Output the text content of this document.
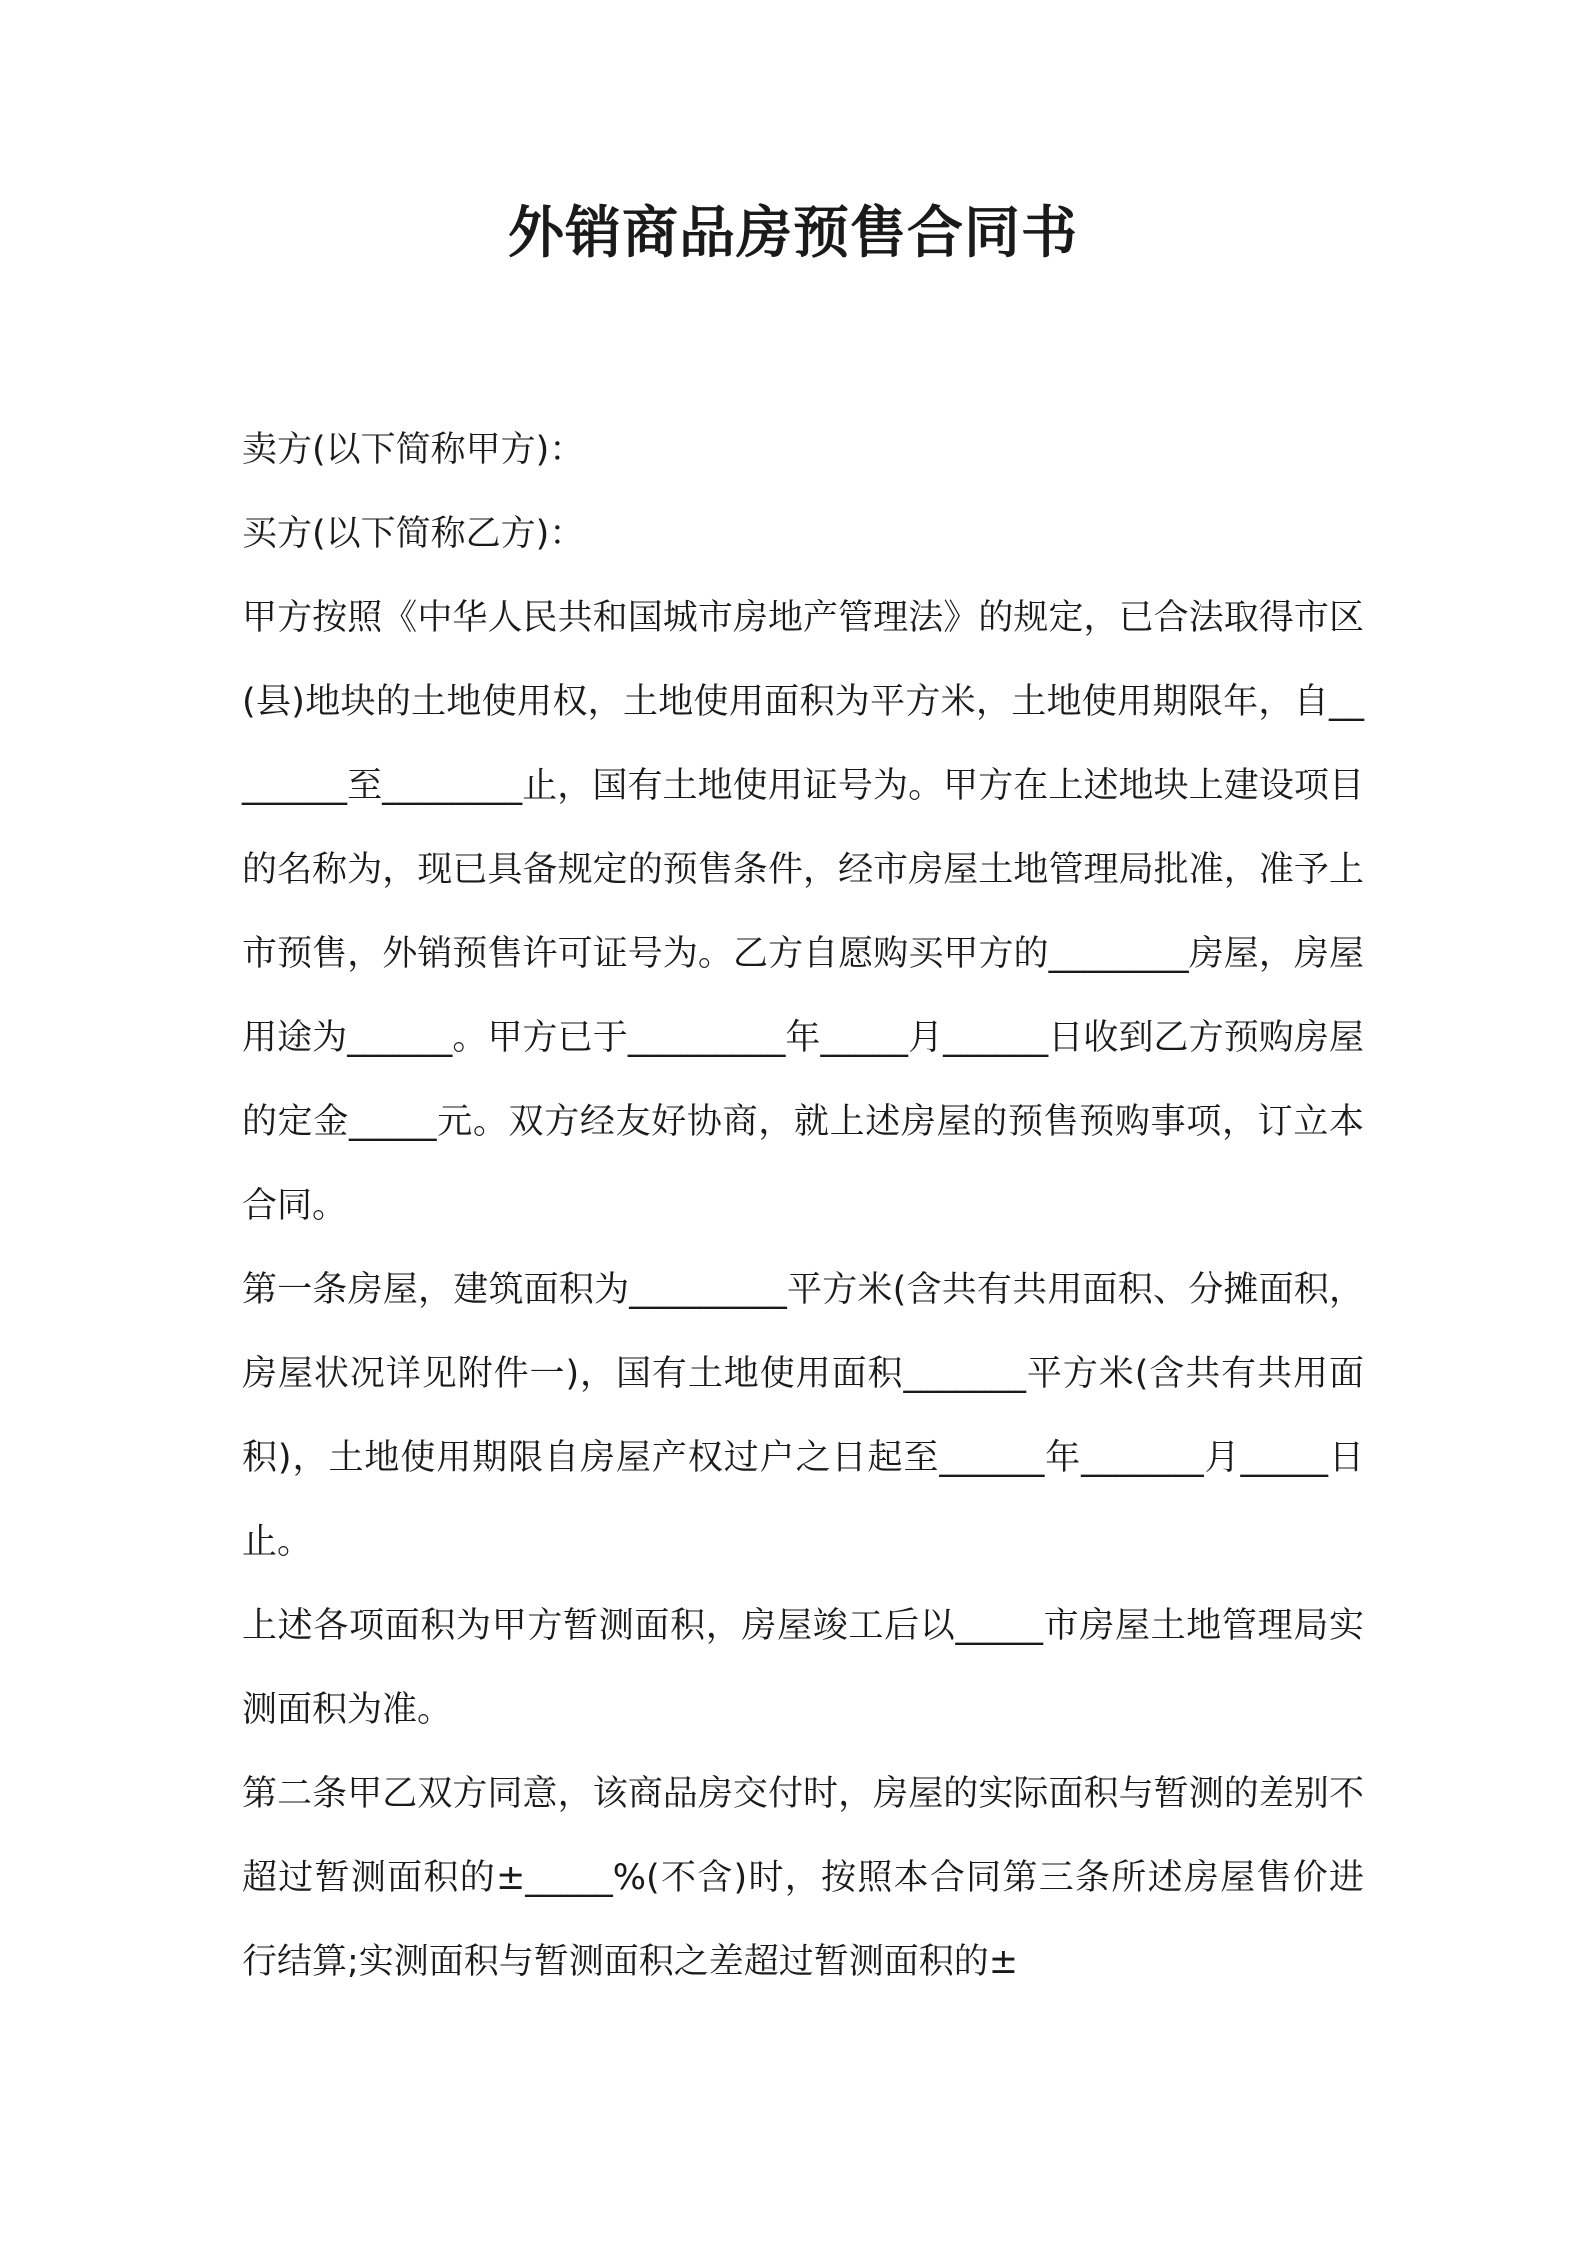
外销商品房预售合同书

卖方(以下简称甲方)：

买方(以下简称乙方)：

甲方按照《中华人民共和国城市房地产管理法》的规定，已合法取得市区(县)地块的土地使用权，土地使用面积为平方米，土地使用期限年，自________至________止，国有土地使用证号为。甲方在上述地块上建设项目的名称为，现已具备规定的预售条件，经市房屋土地管理局批准，准予上市预售，外销预售许可证号为。乙方自愿购买甲方的________房屋，房屋用途为______。甲方已于_________年_____月______日收到乙方预购房屋的定金_____元。双方经友好协商，就上述房屋的预售预购事项，订立本合同。

第一条房屋，建筑面积为_________平方米(含共有共用面积、分摊面积，房屋状况详见附件一)，国有土地使用面积_______平方米(含共有共用面积)，土地使用期限自房屋产权过户之日起至______年_______月_____日止。

上述各项面积为甲方暂测面积，房屋竣工后以_____市房屋土地管理局实测面积为准。

第二条甲乙双方同意，该商品房交付时，房屋的实际面积与暂测的差别不超过暂测面积的±_____%(不含)时，按照本合同第三条所述房屋售价进行结算;实测面积与暂测面积之差超过暂测面积的±
